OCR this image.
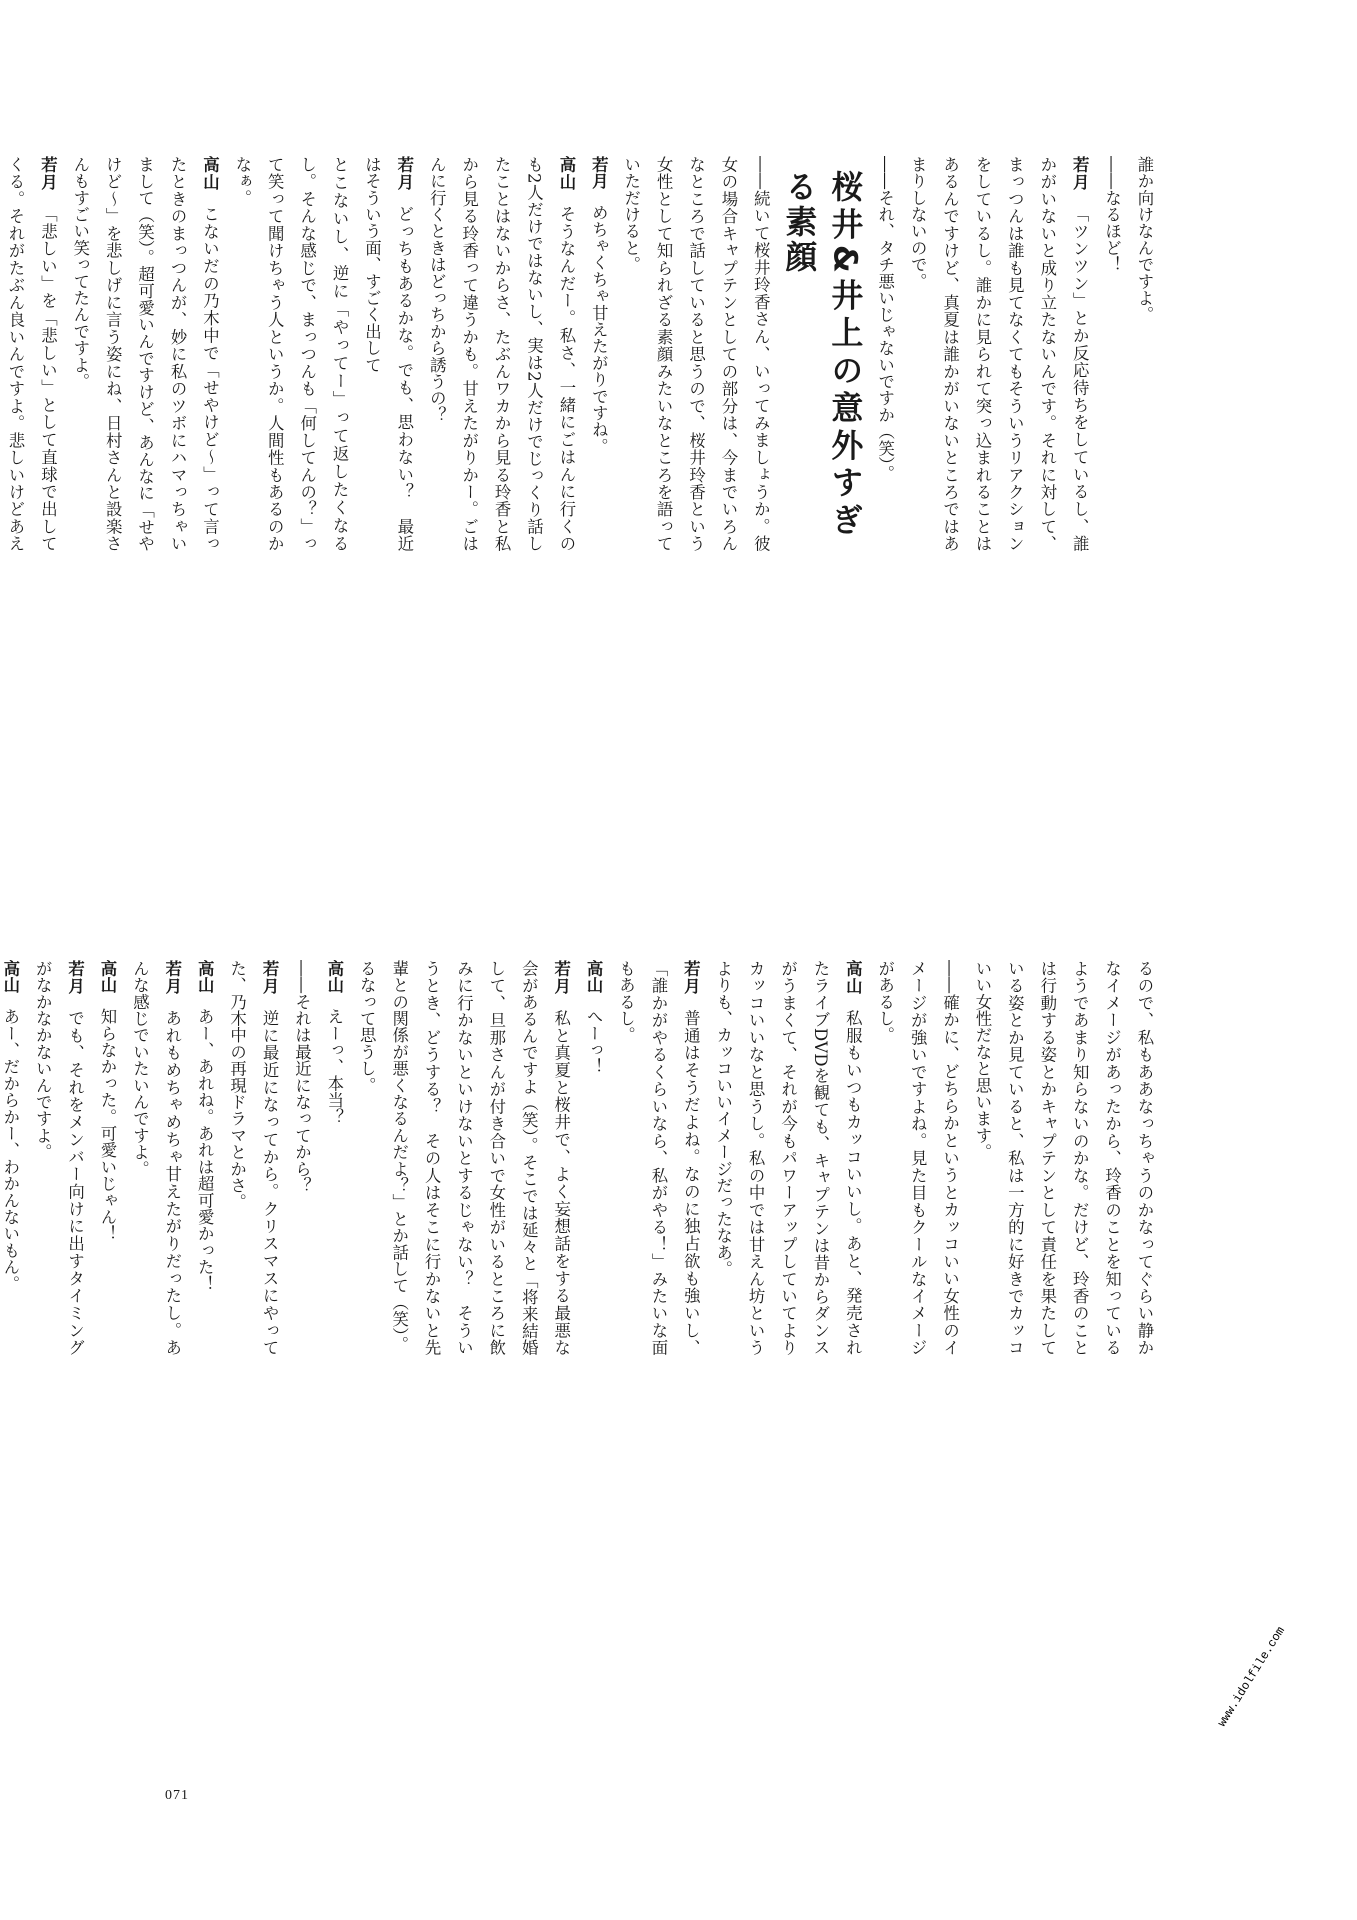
誰か向けなんですよ。

――なるほど！

若月「ツンツン」とか反応待ちをしているし、誰かがいないと成り立たないんです。それに対して、まっつんは誰も見てなくてもそういうリアクションをしているし。誰かに見られて突っ込まれることはあるんですけど、真夏は誰かがいないところではあまりしないので。

――それ、タチ悪いじゃないですか（笑）。

桜井&井上の意外すぎる素顔

――続いて桜井玲香さん、いってみましょうか。彼女の場合キャプテンとしての部分は、今までいろんなところで話していると思うので、桜井玲香という女性として知られざる素顔みたいなところを語っていただけると。

若月めちゃくちゃ甘えたがりですね。

高山そうなんだー。私さ、一緒にごはんに行くのも2人だけではないし、実は2人だけでじっくり話したことはないからさ、たぶんワカから見る玲香と私から見る玲香って違うかも。甘えたがりかー。ごはんに行くときはどっちから誘うの？

若月どっちもあるかな。でも、思わない？　最近はそういう面、すごく出して

とこないし、逆に「やってー」って返したくなるし。そんな感じで、まっつんも「何してんの？」って笑って聞けちゃう人というか。人間性もあるのかなぁ。

高山こないだの乃木中で「せやけど～」って言ったときのまっつんが、妙に私のツボにハマっちゃいまして（笑）。超可愛いんですけど、あんなに「せやけど～」を悲しげに言う姿にね、日村さんと設楽さんもすごい笑ってたんですよ。

若月「悲しい」を「悲しい」として直球で出してくる。それがたぶん良いんですよ。悲しいけどあえ

るので、私もああなっちゃうのかなってぐらい静かなイメージがあったから、玲香のことを知っているようであまり知らないのかな。だけど、玲香のことは行動する姿とかキャプテンとして責任を果たしている姿とか見ていると、私は一方的に好きでカッコいい女性だなと思います。

――確かに、どちらかというとカッコいい女性のイメージが強いですよね。見た目もクールなイメージがあるし。

高山私服もいつもカッコいいし。あと、発売されたライブDVDを観ても、キャプテンは昔からダンスがうまくて、それが今もパワーアップしていてよりカッコいいなと思うし。私の中では甘えん坊というよりも、カッコいいイメージだったなあ。

若月普通はそうだよね。なのに独占欲も強いし、「誰かがやるくらいなら、私がやる！」みたいな面もあるし。

高山へーっ！

若月私と真夏と桜井で、よく妄想話をする最悪な会があるんですよ（笑）。そこでは延々と「将来結婚して、旦那さんが付き合いで女性がいるところに飲みに行かないといけないとするじゃない？　そういうとき、どうする？　その人はそこに行かないと先輩との関係が悪くなるんだよ？」とか話して（笑）。

るなって思うし。

高山えーっ、本当？

――それは最近になってから？

若月逆に最近になってから。クリスマスにやってた、乃木中の再現ドラマとかさ。

高山あー、あれね。あれは超可愛かった！

若月あれもめちゃめちゃ甘えたがりだったし。あんな感じでいたいんですよ。

高山知らなかった。可愛いじゃん！

若月でも、それをメンバー向けに出すタイミングがなかなかないんですよ。

高山あー、だからかー、わかんないもん。

071
www.idolfile.com
